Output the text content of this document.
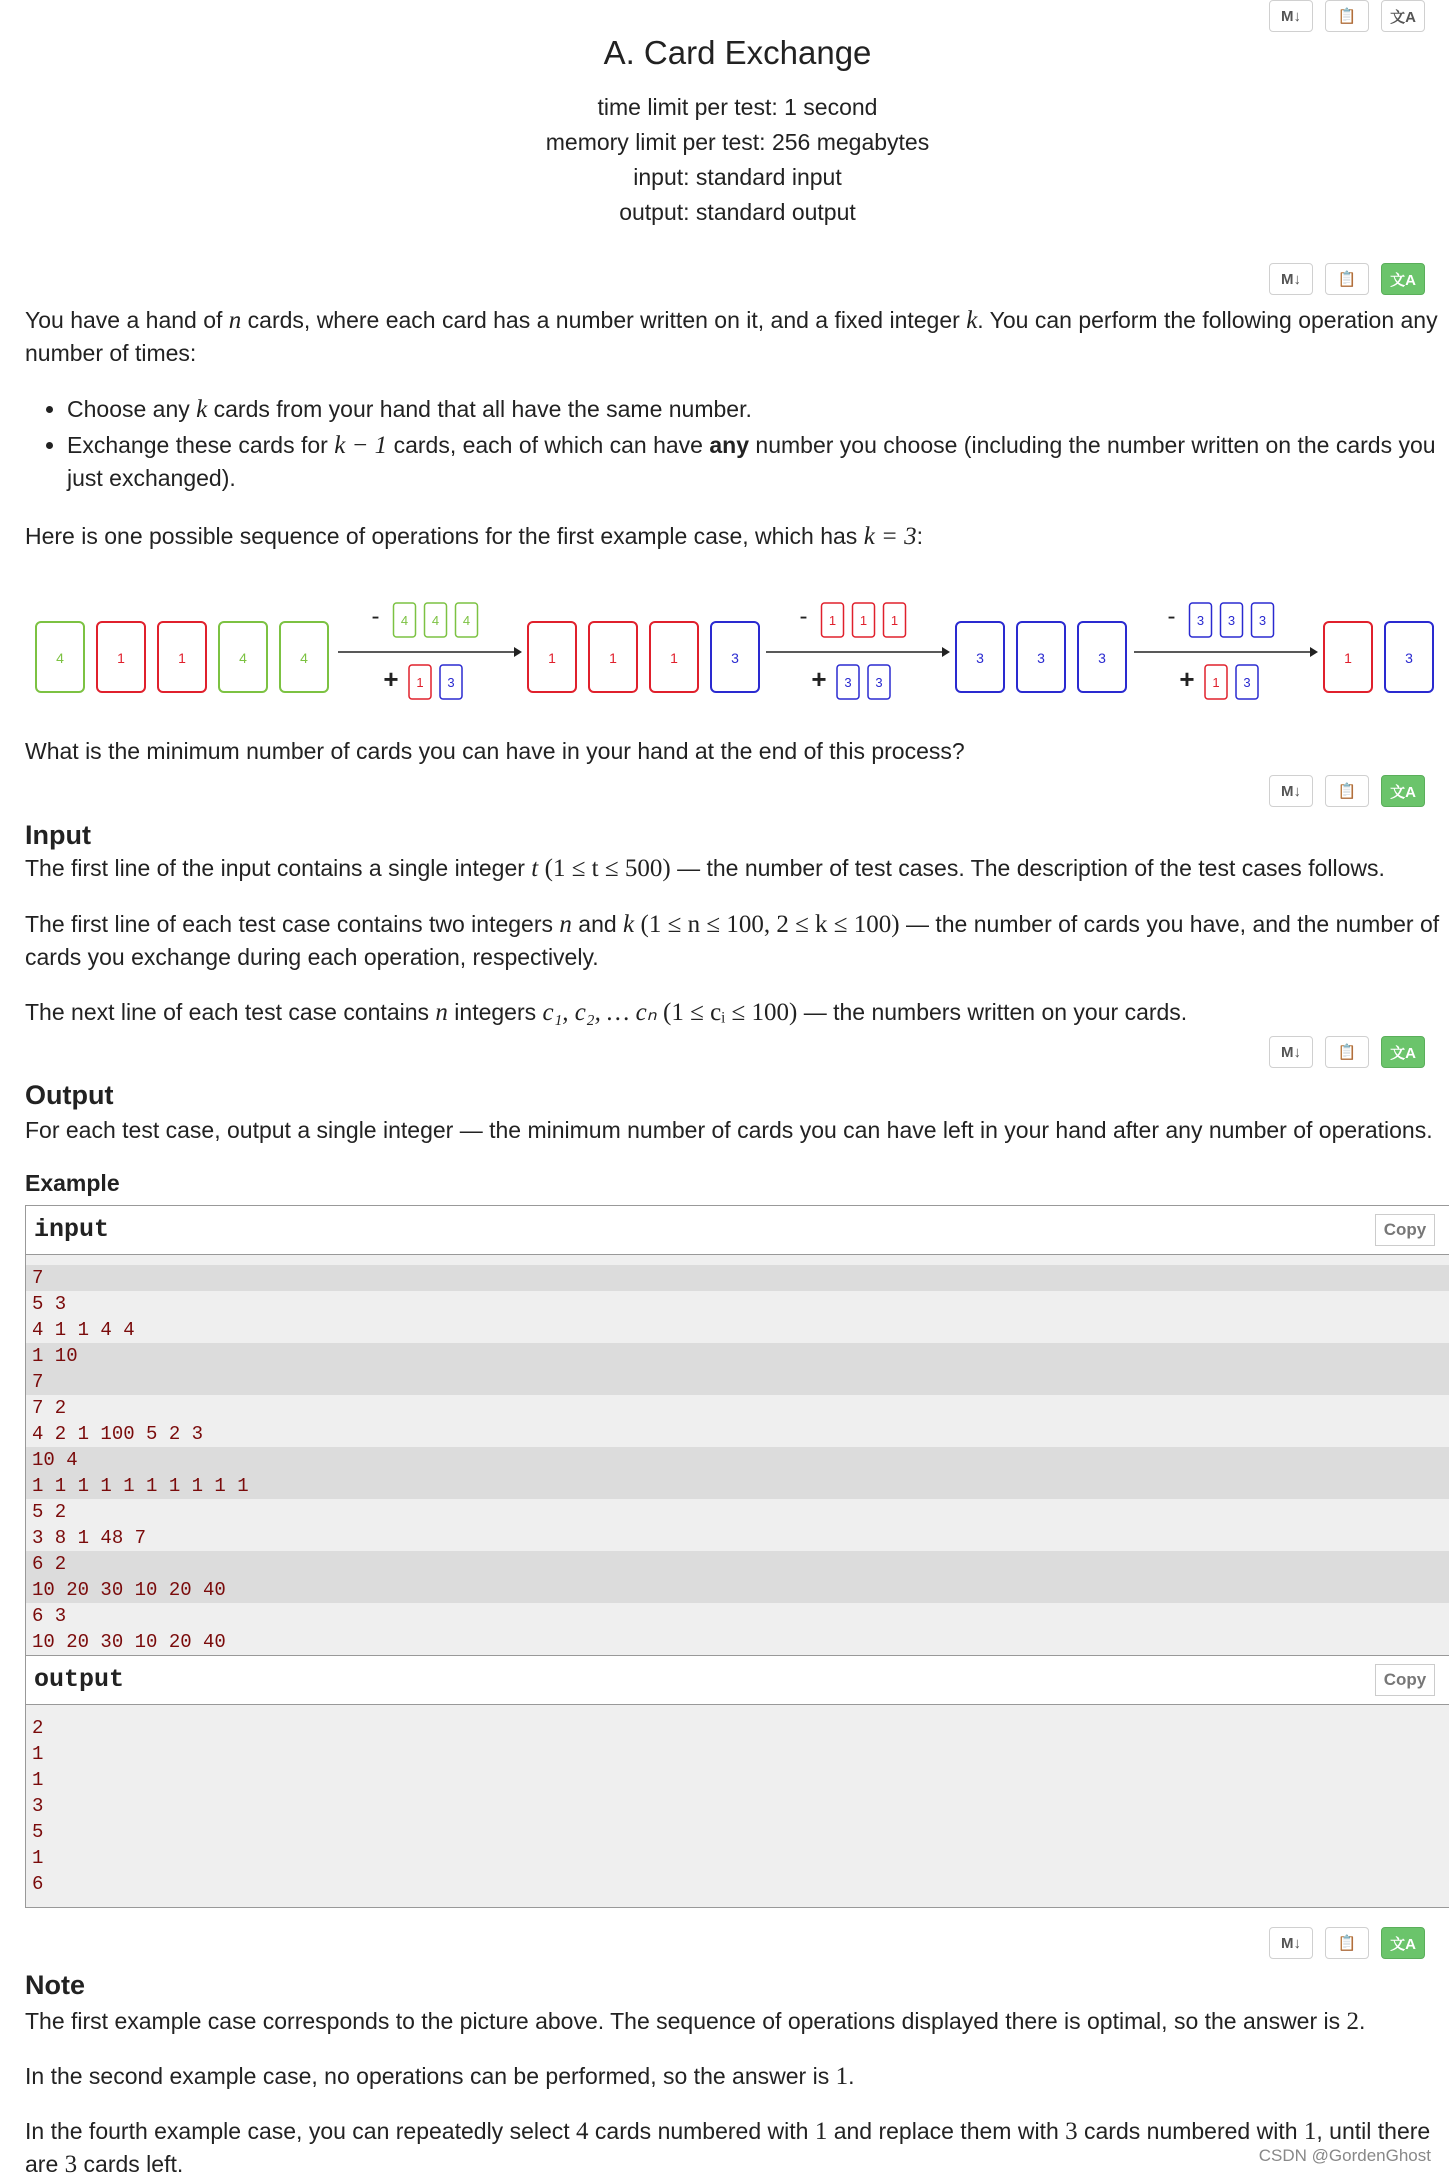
M↓	📋	文A
A. Card Exchange
time limit per test: 1 second
memory limit per test: 256 megabytes
input: standard input
output: standard output
M↓	📋	文A
You have a hand of n cards, where each card has a number written on it, and a fixed integer k. You can perform the following operation any number of times:
• Choose any k cards from your hand that all have the same number.
• Exchange these cards for k − 1 cards, each of which can have any number you choose (including the number written on the cards you just exchanged).
Here is one possible sequence of operations for the first example case, which has k = 3:
4	1	1	4	4
- 4 4 4
+ 1 3
1	1	1	3
- 1 1 1
+ 3 3
3	3	3
- 3 3 3
+ 1 3
1	3
What is the minimum number of cards you can have in your hand at the end of this process?
M↓	📋	文A
Input
The first line of the input contains a single integer t (1 ≤ t ≤ 500) — the number of test cases. The description of the test cases follows.
The first line of each test case contains two integers n and k (1 ≤ n ≤ 100, 2 ≤ k ≤ 100) — the number of cards you have, and the number of cards you exchange during each operation, respectively.
The next line of each test case contains n integers c₁, c₂, … cₙ (1 ≤ cᵢ ≤ 100) — the numbers written on your cards.
M↓	📋	文A
Output
For each test case, output a single integer — the minimum number of cards you can have left in your hand after any number of operations.
Example
input	Copy
7
5 3
4 1 1 4 4
1 10
7
7 2
4 2 1 100 5 2 3
10 4
1 1 1 1 1 1 1 1 1 1
5 2
3 8 1 48 7
6 2
10 20 30 10 20 40
6 3
10 20 30 10 20 40
output	Copy
2
1
1
3
5
1
6
M↓	📋	文A
Note
The first example case corresponds to the picture above. The sequence of operations displayed there is optimal, so the answer is 2.
In the second example case, no operations can be performed, so the answer is 1.
In the fourth example case, you can repeatedly select 4 cards numbered with 1 and replace them with 3 cards numbered with 1, until there are 3 cards left.	CSDN @GordenGhost
